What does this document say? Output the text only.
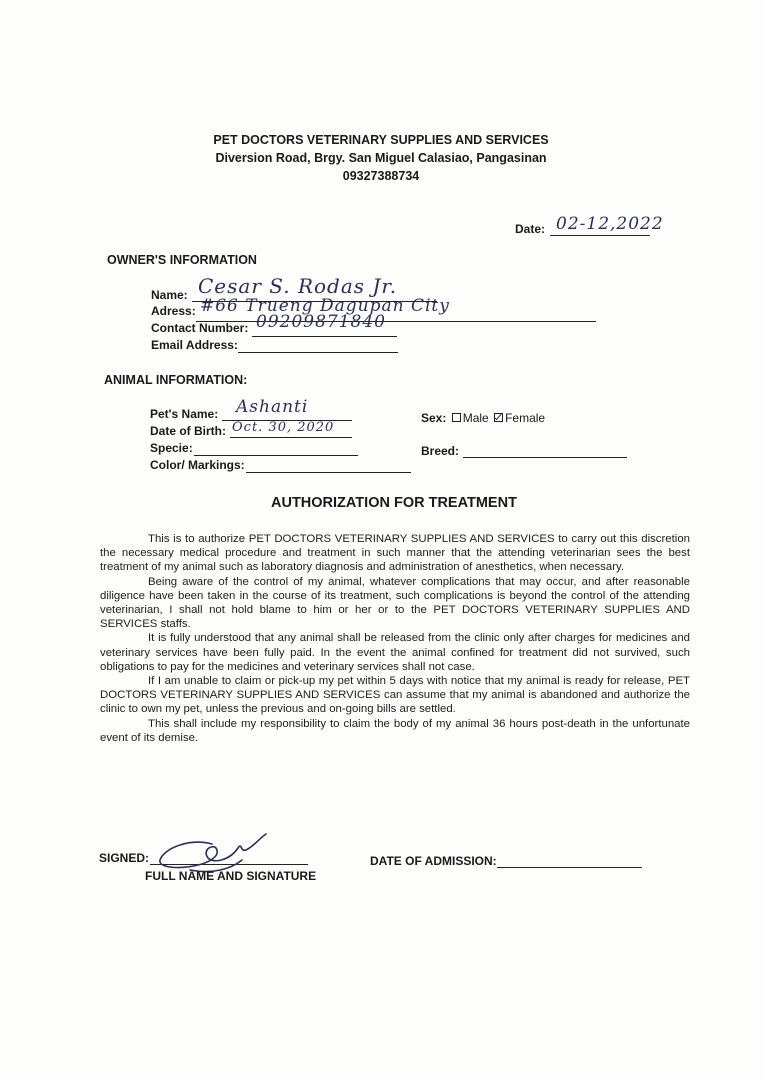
PET DOCTORS VETERINARY SUPPLIES AND SERVICES
Diversion Road, Brgy. San Miguel Calasiao, Pangasinan
09327388734
Date: 02-12,2022
OWNER'S INFORMATION
Name: Cesar S. Rodas Jr.
Adress: #66 Trueng Dagupan City
Contact Number: 09209871840
Email Address:
ANIMAL INFORMATION:
Pet's Name: Ashanti
Date of Birth: Oct. 30, 2020
Specie:
Color/ Markings:
Sex: Male Female
Breed:
AUTHORIZATION FOR TREATMENT

This is to authorize PET DOCTORS VETERINARY SUPPLIES AND SERVICES to carry out this discretion the necessary medical procedure and treatment in such manner that the attending veterinarian sees the best treatment of my animal such as laboratory diagnosis and administration of anesthetics, when necessary.

Being aware of the control of my animal, whatever complications that may occur, and after reasonable diligence have been taken in the course of its treatment, such complications is beyond the control of the attending veterinarian, I shall not hold blame to him or her or to the PET DOCTORS VETERINARY SUPPLIES AND SERVICES staffs.

It is fully understood that any animal shall be released from the clinic only after charges for medicines and veterinary services have been fully paid. In the event the animal confined for treatment did not survived, such obligations to pay for the medicines and veterinary services shall not case.

If I am unable to claim or pick-up my pet within 5 days with notice that my animal is ready for release, PET DOCTORS VETERINARY SUPPLIES AND SERVICES can assume that my animal is abandoned and authorize the clinic to own my pet, unless the previous and on-going bills are settled.

This shall include my responsibility to claim the body of my animal 36 hours post-death in the unfortunate event of its demise.

SIGNED:
FULL NAME AND SIGNATURE
DATE OF ADMISSION:
